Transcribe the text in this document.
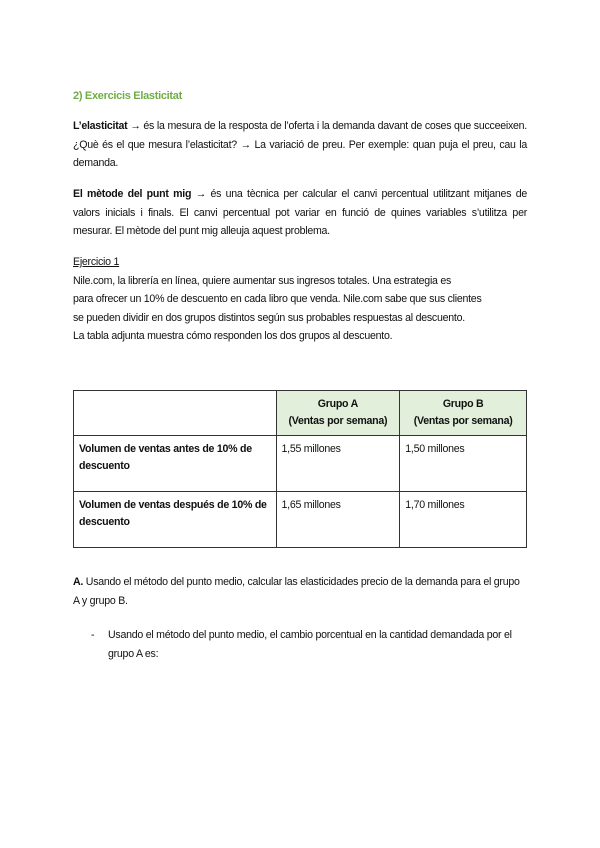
2) Exercicis Elasticitat

L’elasticitat → és la mesura de la resposta de l’oferta i la demanda davant de coses que succeeixen. ¿Què és el que mesura l’elasticitat? → La variació de preu. Per exemple: quan puja el preu, cau la demanda.

El mètode del punt mig → és una tècnica per calcular el canvi percentual utilitzant mitjanes de valors inicials i finals. El canvi percentual pot variar en funció de quines variables s’utilitza per mesurar. El mètode del punt mig alleuja aquest problema.

Ejercicio 1

Nile.com, la librería en línea, quiere aumentar sus ingresos totales. Una estrategia es

para ofrecer un 10% de descuento en cada libro que venda. Nile.com sabe que sus clientes

se pueden dividir en dos grupos distintos según sus probables respuestas al descuento.

La tabla adjunta muestra cómo responden los dos grupos al descuento.

	Grupo A
(Ventas por semana)	Grupo B
(Ventas por semana)
Volumen de ventas antes de 10% de descuento	1,55 millones	1,50 millones
Volumen de ventas después de 10% de descuento	1,65 millones	1,70 millones

A. Usando el método del punto medio, calcular las elasticidades precio de la demanda para el grupo A y grupo B.

- Usando el método del punto medio, el cambio porcentual en la cantidad demandada por el grupo A es:
